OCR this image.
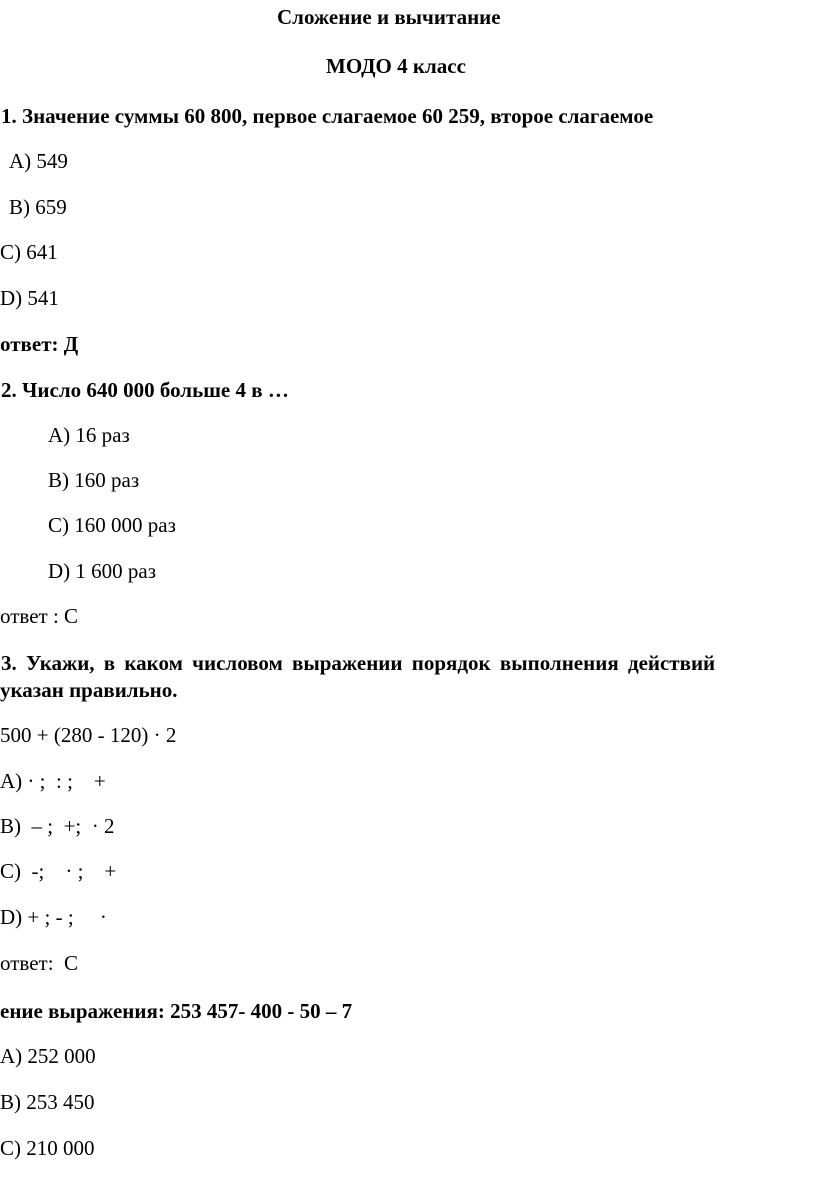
Сложение и вычитание
МОДО 4 класс
1. Значение суммы 60 800, первое слагаемое 60 259, второе слагаемое
A) 549
B) 659
C) 641
D) 541
ответ: Д
2. Число 640 000 больше 4 в …
A) 16 раз
B) 160 раз
C) 160 000 раз
D) 1 600 раз
ответ : С
3. Укажи, в каком числовом выражении порядок выполнения действий
указан правильно.
500 + (280 - 120) · 2
A) · ;  : ;    +
B)  – ;  +;  · 2
C)  -;    · ;    +
D) + ; - ;     ·
ответ:  С
ение выражения: 253 457- 400 - 50 – 7
A) 252 000
B) 253 450
C) 210 000
